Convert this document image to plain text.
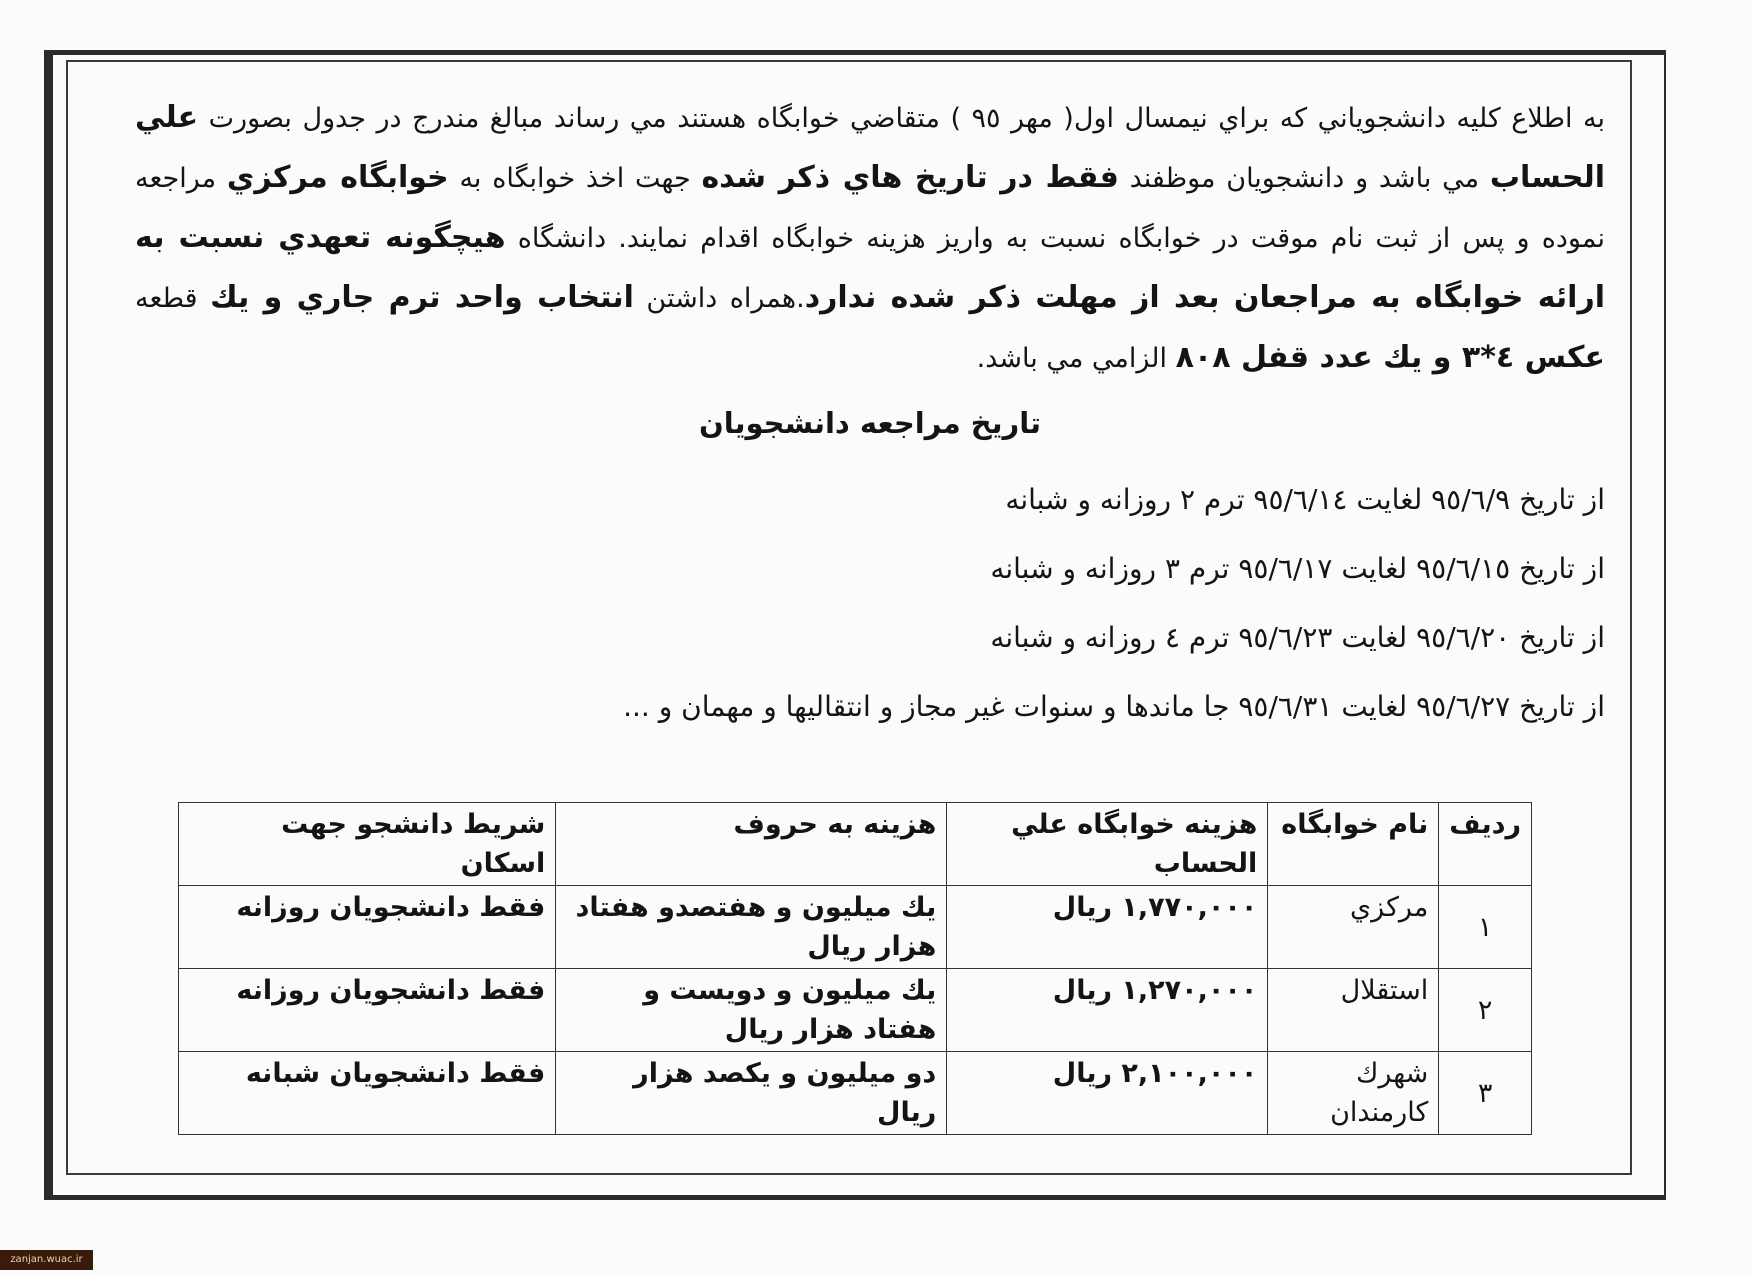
به اطلاع كليه دانشجوياني كه براي نيمسال اول( مهر ٩٥ ) متقاضي خوابگاه هستند مي رساند مبالغ مندرج در جدول بصورت علي الحساب مي باشد و دانشجويان موظفند فقط در تاريخ هاي ذكر شده جهت اخذ خوابگاه به خوابگاه مركزي مراجعه نموده و پس از ثبت نام موقت در خوابگاه نسبت به واريز هزينه خوابگاه اقدام نمايند. دانشگاه هيچگونه تعهدي نسبت به ارائه خوابگاه به مراجعان بعد از مهلت ذكر شده ندارد.همراه داشتن انتخاب واحد ترم جاري و يك قطعه عكس ٤*٣ و يك عدد قفل ٨٠٨ الزامي مي باشد.

تاريخ مراجعه دانشجويان
از تاريخ ٩٥/٦/٩ لغايت ٩٥/٦/١٤ ترم ٢ روزانه و شبانه
از تاريخ ٩٥/٦/١٥ لغايت ٩٥/٦/١٧ ترم ٣ روزانه و شبانه
از تاريخ ٩٥/٦/٢٠ لغايت ٩٥/٦/٢٣ ترم ٤ روزانه و شبانه
از تاريخ ٩٥/٦/٢٧ لغايت ٩٥/٦/٣١ جا ماندها و سنوات غير مجاز و انتقاليها و مهمان و ...
رديف	نام خوابگاه	هزينه خوابگاه علي الحساب	هزينه به حروف	شريط دانشجو جهت اسكان
١	مركزي	١,٧٧٠,٠٠٠ ريال	يك ميليون و هفتصدو هفتاد هزار ريال	فقط دانشجويان روزانه
٢	استقلال	١,٢٧٠,٠٠٠ ريال	يك ميليون و دويست و هفتاد هزار ريال	فقط دانشجويان روزانه
٣	شهرك كارمندان	٢,١٠٠,٠٠٠ ريال	دو ميليون و يكصد هزار ريال	فقط دانشجويان شبانه
zanjan.wuac.ir
